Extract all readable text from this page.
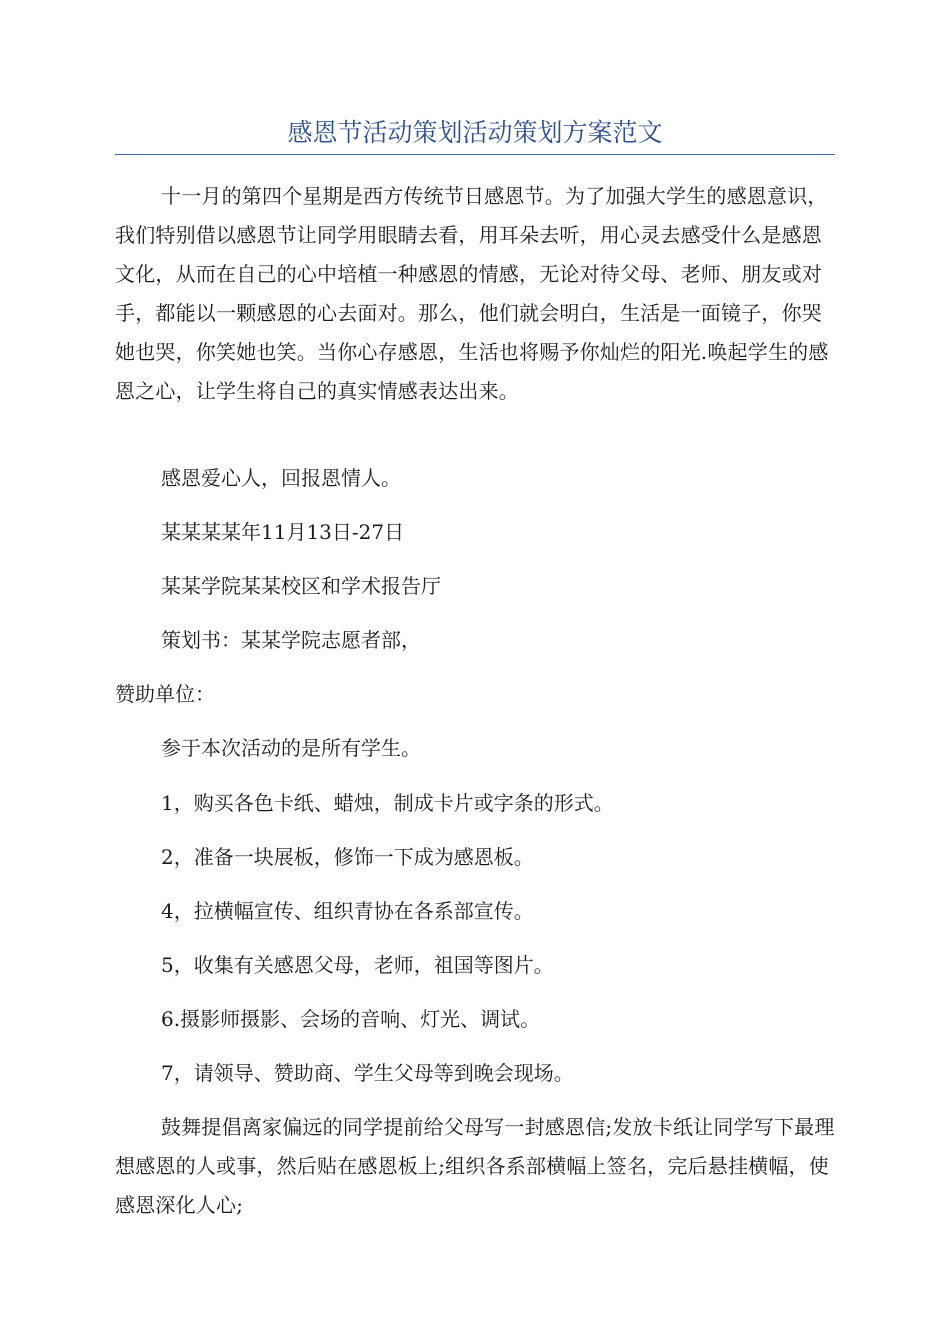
感恩节活动策划活动策划方案范文

十一月的第四个星期是西方传统节日感恩节。为了加强大学生的感恩意识，我们特别借以感恩节让同学用眼睛去看，用耳朵去听，用心灵去感受什么是感恩文化，从而在自己的心中培植一种感恩的情感，无论对待父母、老师、朋友或对手，都能以一颗感恩的心去面对。那么，他们就会明白，生活是一面镜子，你哭她也哭，你笑她也笑。当你心存感恩，生活也将赐予你灿烂的阳光.唤起学生的感恩之心，让学生将自己的真实情感表达出来。

感恩爱心人，回报恩情人。

某某某某年11月13日-27日

某某学院某某校区和学术报告厅

策划书：某某学院志愿者部，

赞助单位：

参于本次活动的是所有学生。

1，购买各色卡纸、蜡烛，制成卡片或字条的形式。

2，准备一块展板，修饰一下成为感恩板。

4，拉横幅宣传、组织青协在各系部宣传。

5，收集有关感恩父母，老师，祖国等图片。

6.摄影师摄影、会场的音响、灯光、调试。

7，请领导、赞助商、学生父母等到晚会现场。

鼓舞提倡离家偏远的同学提前给父母写一封感恩信;发放卡纸让同学写下最理想感恩的人或事，然后贴在感恩板上;组织各系部横幅上签名，完后悬挂横幅，使感恩深化人心;
